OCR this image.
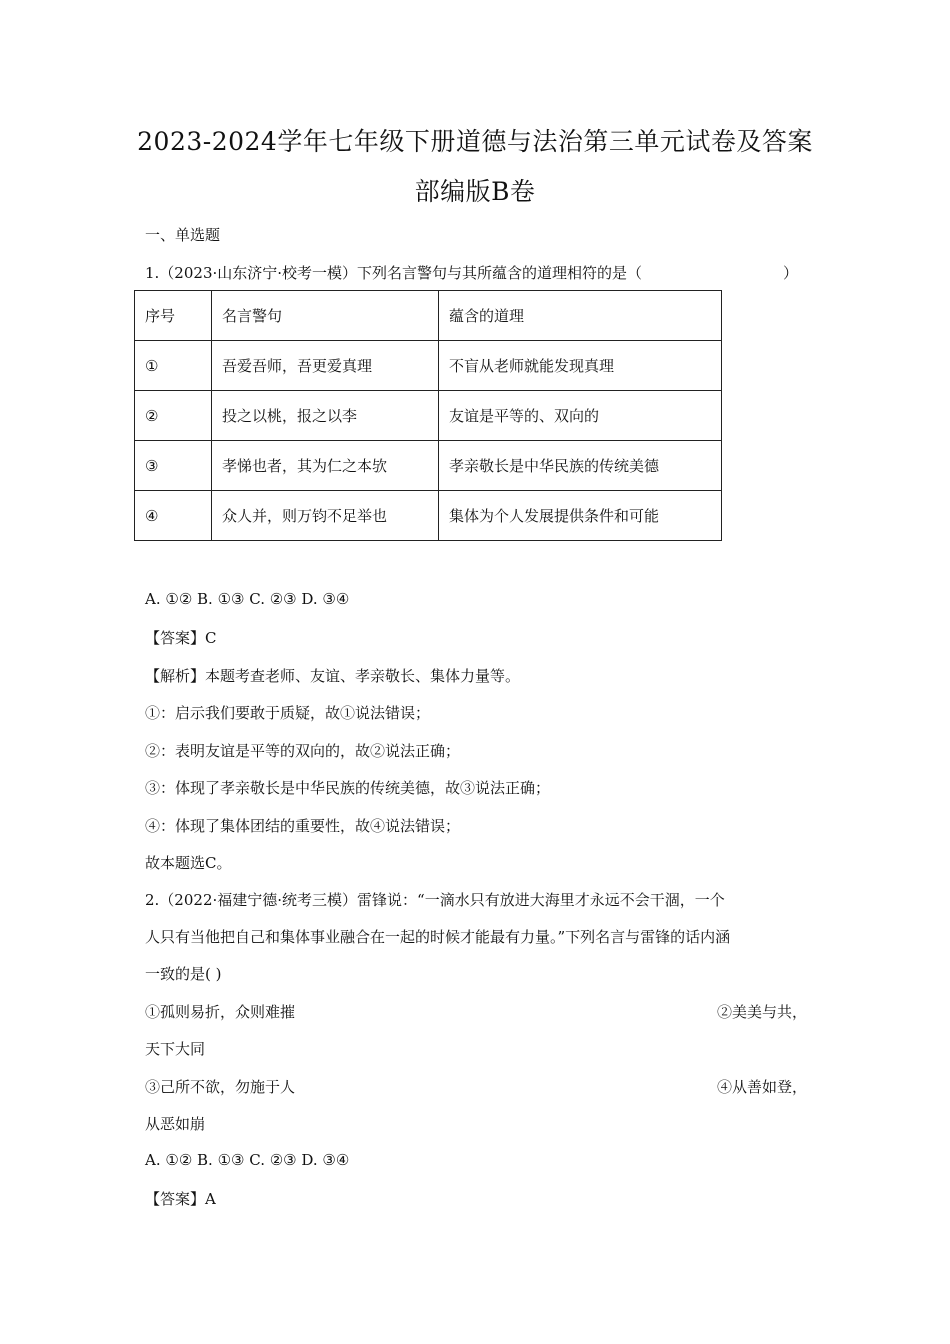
2023-2024学年七年级下册道德与法治第三单元试卷及答案
部编版B卷
一、单选题
1.（2023·山东济宁·校考一模）下列名言警句与其所蕴含的道理相符的是（	）
序号	名言警句	蕴含的道理
①	吾爱吾师，吾更爱真理	不盲从老师就能发现真理
②	投之以桃，报之以李	友谊是平等的、双向的
③	孝悌也者，其为仁之本欤	孝亲敬长是中华民族的传统美德
④	众人并，则万钧不足举也	集体为个人发展提供条件和可能
A. ①② B. ①③ C. ②③ D. ③④
【答案】C
【解析】本题考查老师、友谊、孝亲敬长、集体力量等。
①：启示我们要敢于质疑，故①说法错误；
②：表明友谊是平等的双向的，故②说法正确；
③：体现了孝亲敬长是中华民族的传统美德，故③说法正确；
④：体现了集体团结的重要性，故④说法错误；
故本题选C。
2.（2022·福建宁德·统考三模）雷锋说：“一滴水只有放进大海里才永远不会干涸，一个
人只有当他把自己和集体事业融合在一起的时候才能最有力量。”下列名言与雷锋的话内涵
一致的是( )
①孤则易折，众则难摧	②美美与共，
天下大同
③己所不欲，勿施于人	④从善如登，
从恶如崩
A. ①② B. ①③ C. ②③ D. ③④
【答案】A
